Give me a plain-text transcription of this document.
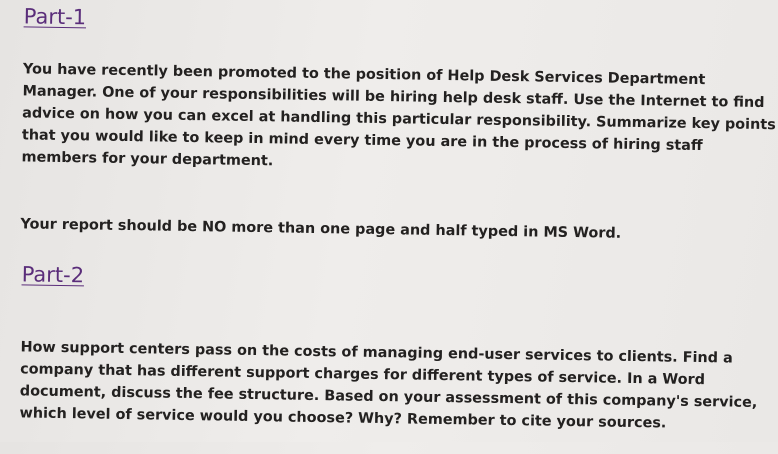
Part-1
You have recently been promoted to the position of Help Desk Services Department
Manager. One of your responsibilities will be hiring help desk staff. Use the Internet to find
advice on how you can excel at handling this particular responsibility. Summarize key points
that you would like to keep in mind every time you are in the process of hiring staff
members for your department.
Your report should be NO more than one page and half typed in MS Word.
Part-2
How support centers pass on the costs of managing end-user services to clients. Find a
company that has different support charges for different types of service. In a Word
document, discuss the fee structure. Based on your assessment of this company's service,
which level of service would you choose? Why? Remember to cite your sources.
